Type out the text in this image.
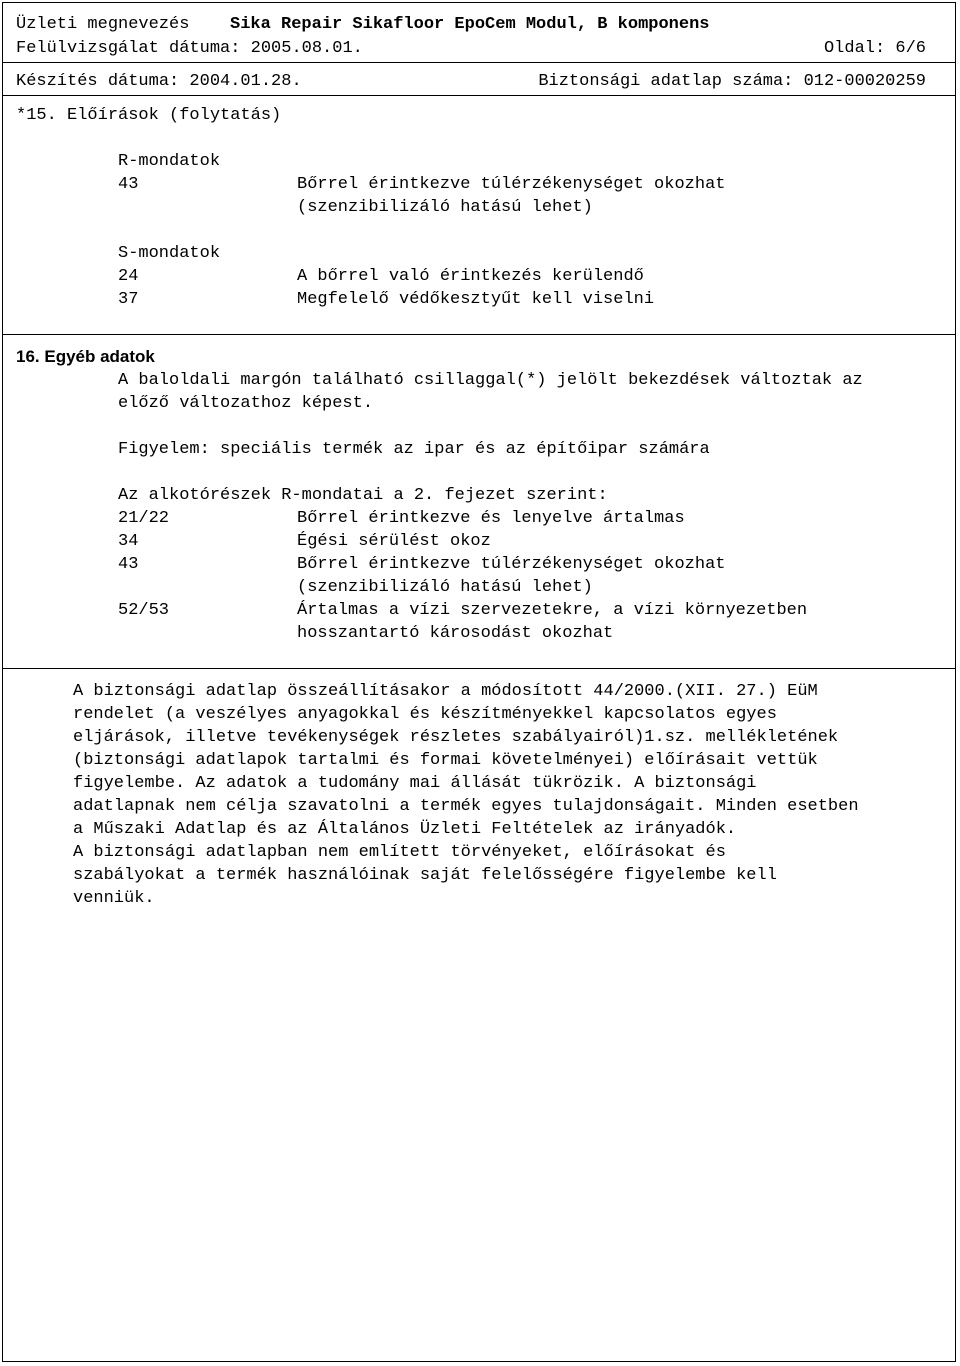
Üzleti megnevezés Sika Repair Sikafloor EpoCem Modul, B komponens
Felülvizsgálat dátuma: 2005.08.01.	Oldal: 6/6
Készítés dátuma: 2004.01.28.	Biztonsági adatlap száma: 012-00020259
*15. Előírások (folytatás)
R-mondatok
43	Bőrrel érintkezve túlérzékenységet okozhat
(szenzibilizáló hatású lehet)
S-mondatok
24	A bőrrel való érintkezés kerülendő
37	Megfelelő védőkesztyűt kell viselni
16. Egyéb adatok
A baloldali margón található csillaggal(*) jelölt bekezdések változtak az
előző változathoz képest.
Figyelem: speciális termék az ipar és az építőipar számára
Az alkotórészek R-mondatai a 2. fejezet szerint:
21/22	Bőrrel érintkezve és lenyelve ártalmas
34	Égési sérülést okoz
43	Bőrrel érintkezve túlérzékenységet okozhat
(szenzibilizáló hatású lehet)
52/53	Ártalmas a vízi szervezetekre, a vízi környezetben
hosszantartó károsodást okozhat
A biztonsági adatlap összeállításakor a módosított 44/2000.(XII. 27.) EüM
rendelet (a veszélyes anyagokkal és készítményekkel kapcsolatos egyes
eljárások, illetve tevékenységek részletes szabályairól)1.sz. mellékletének
(biztonsági adatlapok tartalmi és formai követelményei) előírásait vettük
figyelembe. Az adatok a tudomány mai állását tükrözik. A biztonsági
adatlapnak nem célja szavatolni a termék egyes tulajdonságait. Minden esetben
a Műszaki Adatlap és az Általános Üzleti Feltételek az irányadók.
A biztonsági adatlapban nem említett törvényeket, előírásokat és
szabályokat a termék használóinak saját felelősségére figyelembe kell
venniük.
